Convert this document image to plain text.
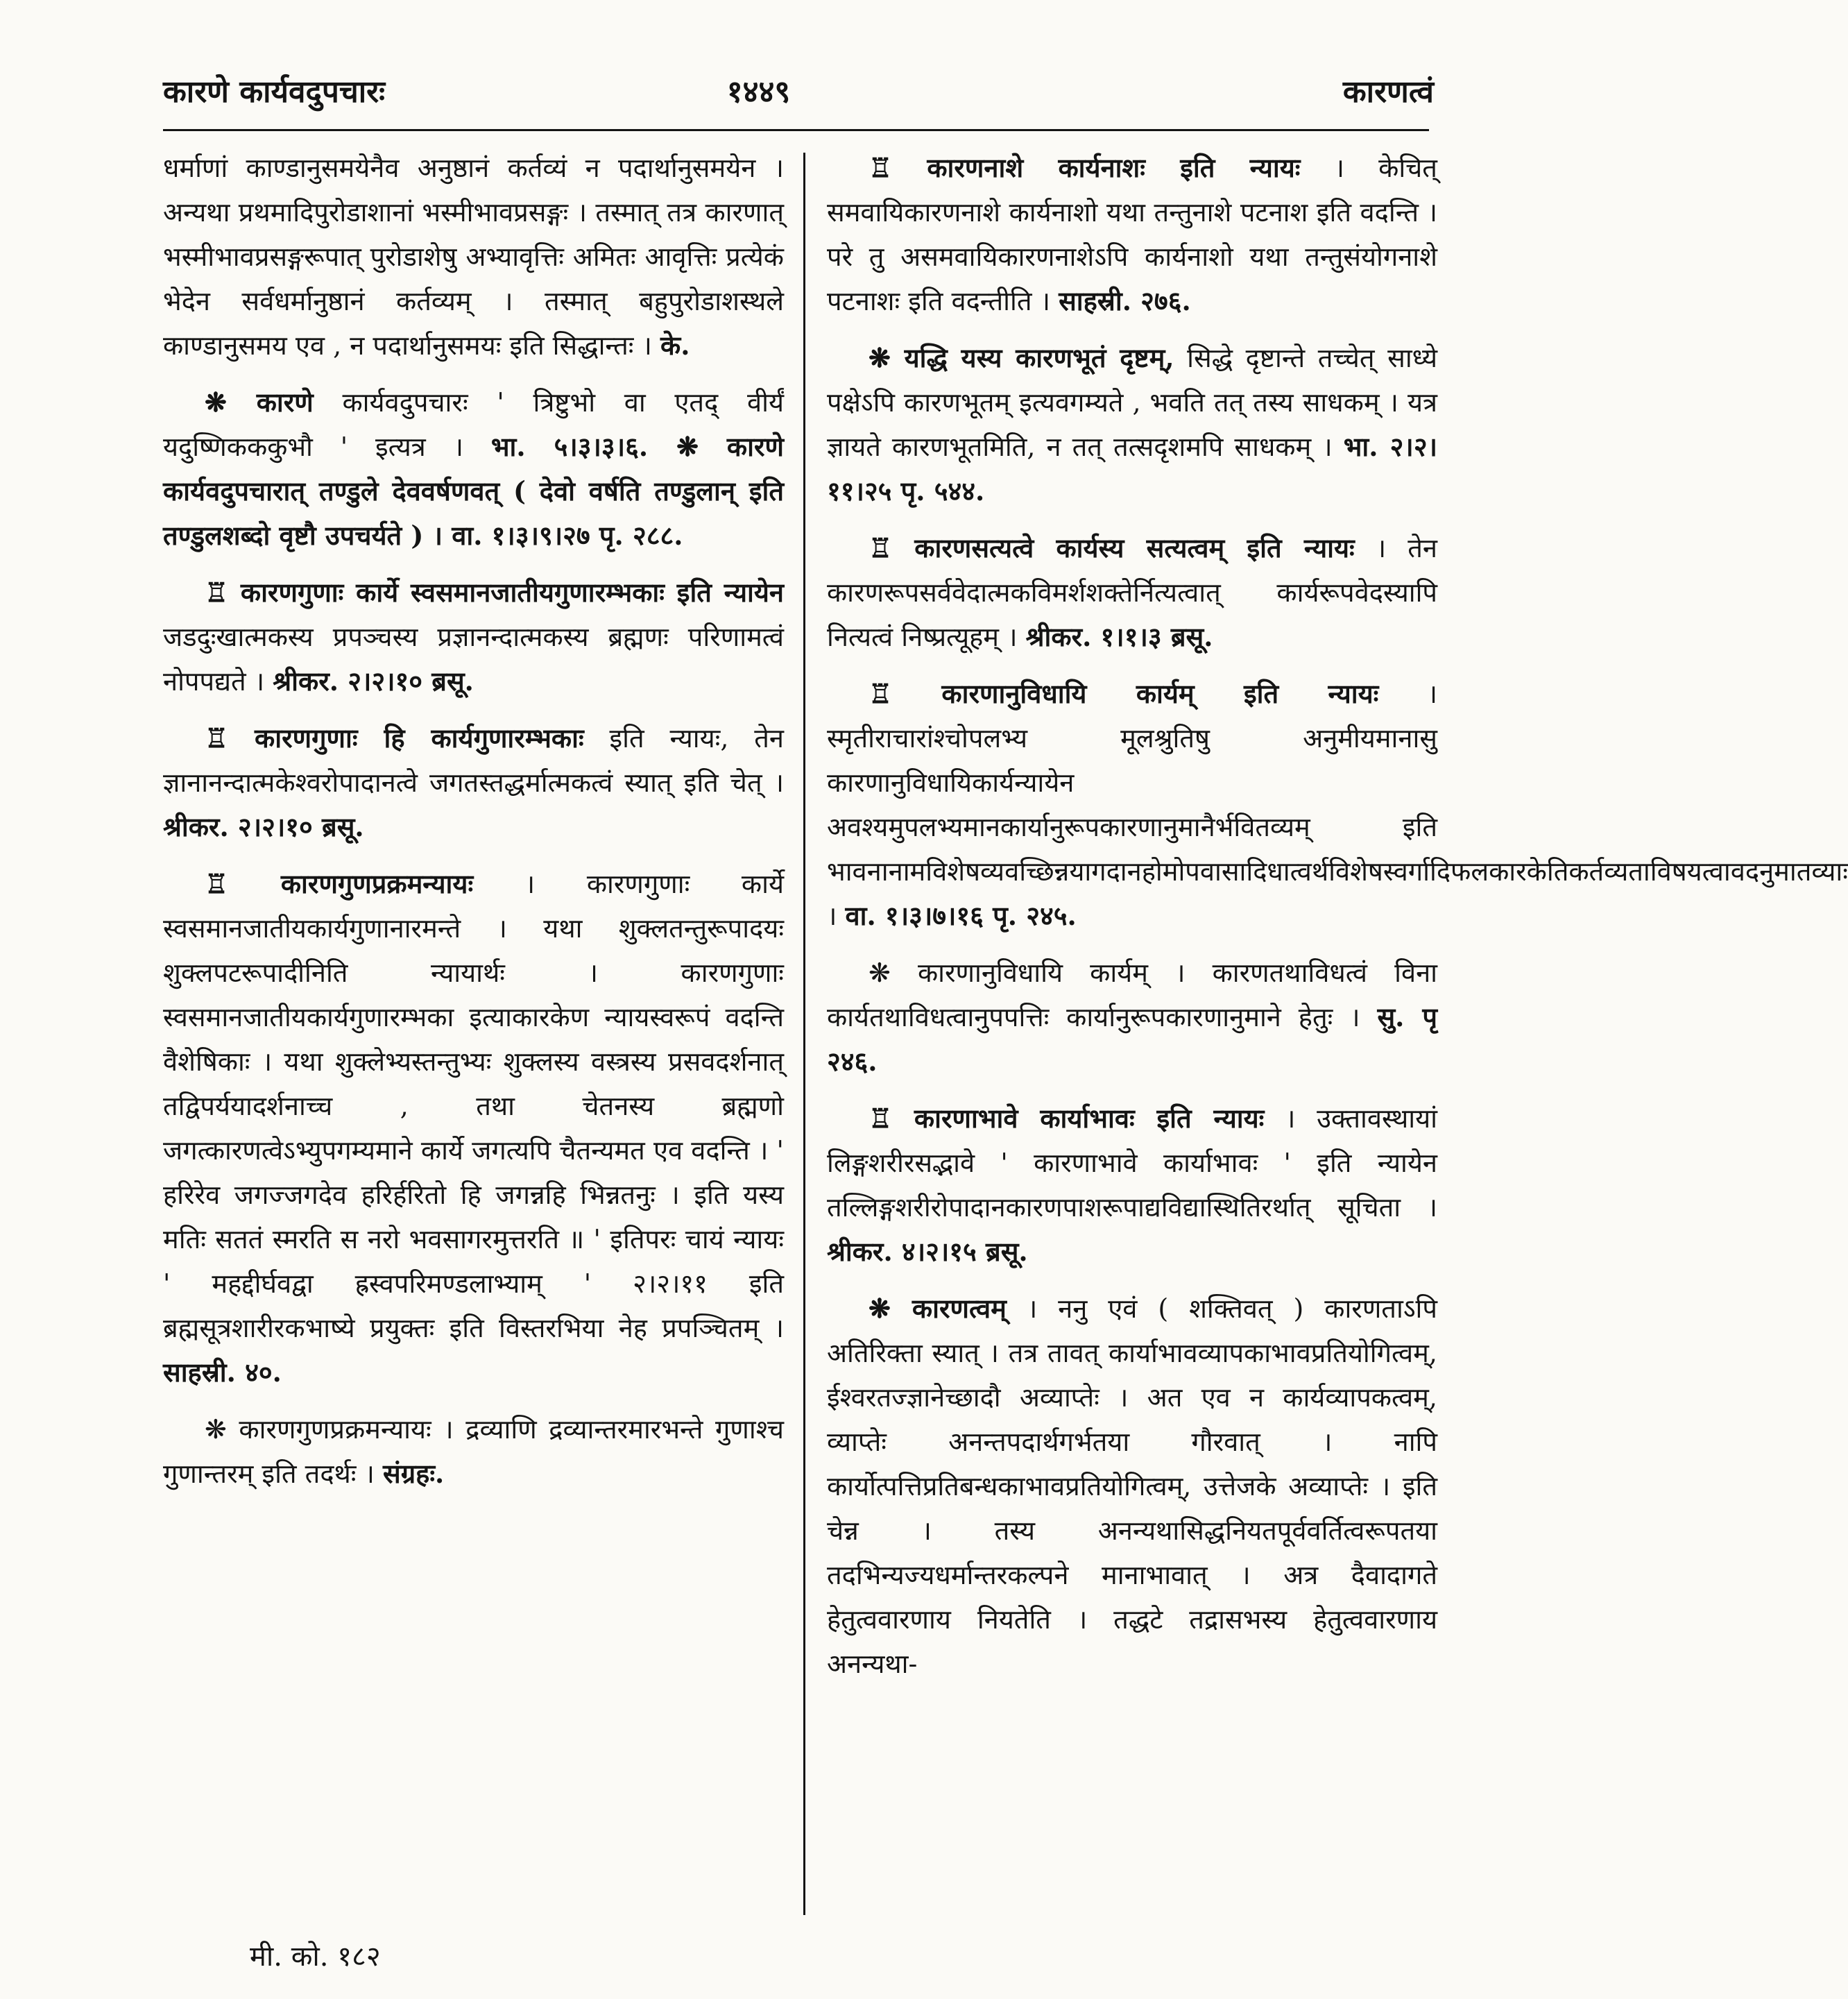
कारणे कार्यवदुपचारः	१४४९	कारणत्वं

धर्माणां काण्डानुसमयेनैव अनुष्ठानं कर्तव्यं न पदार्थानुसमयेन । अन्यथा प्रथमादिपुरोडाशानां भस्मीभावप्रसङ्गः । तस्मात् तत्र कारणात् भस्मीभावप्रसङ्गरूपात् पुरोडाशेषु अभ्यावृत्तिः अमितः आवृत्तिः प्रत्येकं भेदेन सर्वधर्मानुष्ठानं कर्तव्यम् । तस्मात् बहुपुरोडाशस्थले काण्डानुसमय एव , न पदार्थानुसमयः इति सिद्धान्तः । के.

❋ कारणे कार्यवदुपचारः ' त्रिष्टुभो वा एतद् वीर्यं यदुष्णिकककुभौ ' इत्यत्र । भा. ५।३।३।६. ❋ कारणे कार्यवदुपचारात् तण्डुले देववर्षणवत् ( देवो वर्षति तण्डुलान् इति तण्डुलशब्दो वृष्टौ उपचर्यते ) । वा. १।३।९।२७ पृ. २८८.

♖ कारणगुणाः कार्ये स्वसमानजातीयगुणारम्भकाः इति न्यायेन जडदुःखात्मकस्य प्रपञ्चस्य प्रज्ञानन्दात्मकस्य ब्रह्मणः परिणामत्वं नोपपद्यते । श्रीकर. २।२।१० ब्रसू.

♖ कारणगुणाः हि कार्यगुणारम्भकाः इति न्यायः, तेन ज्ञानानन्दात्मकेश्वरोपादानत्वे जगतस्तद्धर्मात्मकत्वं स्यात् इति चेत् । श्रीकर. २।२।१० ब्रसू.

♖ कारणगुणप्रक्रमन्यायः । कारणगुणाः कार्ये स्वसमानजातीयकार्यगुणानारमन्ते । यथा शुक्लतन्तुरूपादयः शुक्लपटरूपादीनिति न्यायार्थः । कारणगुणाः स्वसमानजातीयकार्यगुणारम्भका इत्याकारकेण न्यायस्वरूपं वदन्ति वैशेषिकाः । यथा शुक्लेभ्यस्तन्तुभ्यः शुक्लस्य वस्त्रस्य प्रसवदर्शनात् तद्विपर्ययादर्शनाच्च , तथा चेतनस्य ब्रह्मणो जगत्कारणत्वेऽभ्युपगम्यमाने कार्ये जगत्यपि चैतन्यमत एव वदन्ति । ' हरिरेव जगज्जगदेव हरिर्हरितो हि जगन्नहि भिन्नतनुः । इति यस्य मतिः सततं स्मरति स नरो भवसागरमुत्तरति ॥ ' इतिपरः चायं न्यायः ' महद्दीर्घवद्वा ह्रस्वपरिमण्डलाभ्याम् ' २।२।११ इति ब्रह्मसूत्रशारीरकभाष्ये प्रयुक्तः इति विस्तरभिया नेह प्रपञ्चितम् । साहस्री. ४०.

❋ कारणगुणप्रक्रमन्यायः । द्रव्याणि द्रव्यान्तरमारभन्ते गुणाश्च गुणान्तरम् इति तदर्थः । संग्रहः.

♖ कारणनाशे कार्यनाशः इति न्यायः । केचित् समवायिकारणनाशे कार्यनाशो यथा तन्तुनाशे पटनाश इति वदन्ति । परे तु असमवायिकारणनाशेऽपि कार्यनाशो यथा तन्तुसंयोगनाशे पटनाशः इति वदन्तीति । साहस्री. २७६.

❋ यद्धि यस्य कारणभूतं दृष्टम्, सिद्धे दृष्टान्ते तच्चेत् साध्ये पक्षेऽपि कारणभूतम् इत्यवगम्यते , भवति तत् तस्य साधकम् । यत्र ज्ञायते कारणभूतमिति, न तत् तत्सदृशमपि साधकम् । भा. २।२।११।२५ पृ. ५४४.

♖ कारणसत्यत्वे कार्यस्य सत्यत्वम् इति न्यायः । तेन कारणरूपसर्ववेदात्मकविमर्शशक्तेर्नित्यत्वात् कार्यरूपवेदस्यापि नित्यत्वं निष्प्रत्यूहम् । श्रीकर. १।१।३ ब्रसू.

♖ कारणानुविधायि कार्यम् इति न्यायः । स्मृतीराचारांश्चोपलभ्य मूलश्रुतिषु अनुमीयमानासु कारणानुविधायिकार्यन्यायेन अवश्यमुपलभ्यमानकार्यानुरूपकारणानुमानैर्भवितव्यम् इति भावनानामविशेषव्यवच्छिन्नयागदानहोमोपवासादिधात्वर्थविशेषस्वर्गादिफलकारकेतिकर्तव्यताविषयत्वावदनुमातव्याः । वा. १।३।७।१६ पृ. २४५.

❋ कारणानुविधायि कार्यम् । कारणतथाविधत्वं विना कार्यतथाविधत्वानुपपत्तिः कार्यानुरूपकारणानुमाने हेतुः । सु. पृ २४६.

♖ कारणाभावे कार्याभावः इति न्यायः । उक्तावस्थायां लिङ्गशरीरसद्भावे ' कारणाभावे कार्याभावः ' इति न्यायेन तल्लिङ्गशरीरोपादानकारणपाशरूपाद्यविद्यास्थितिरर्थात् सूचिता । श्रीकर. ४।२।१५ ब्रसू.

❋ कारणत्वम् । ननु एवं ( शक्तिवत् ) कारणताऽपि अतिरिक्ता स्यात् । तत्र तावत् कार्याभावव्यापकाभावप्रतियोगित्वम्, ईश्वरतज्ज्ञानेच्छादौ अव्याप्तेः । अत एव न कार्यव्यापकत्वम्, व्याप्तेः अनन्तपदार्थगर्भतया गौरवात् । नापि कार्योत्पत्तिप्रतिबन्धकाभावप्रतियोगित्वम्, उत्तेजके अव्याप्तेः । इति चेन्न । तस्य अनन्यथासिद्धनियतपूर्ववर्तित्वरूपतया तदभिन्यज्यधर्मान्तरकल्पने मानाभावात् । अत्र दैवादागते हेतुत्ववारणाय नियतेति । तद्धटे तद्रासभस्य हेतुत्ववारणाय अनन्यथा-

मी. को. १८२
